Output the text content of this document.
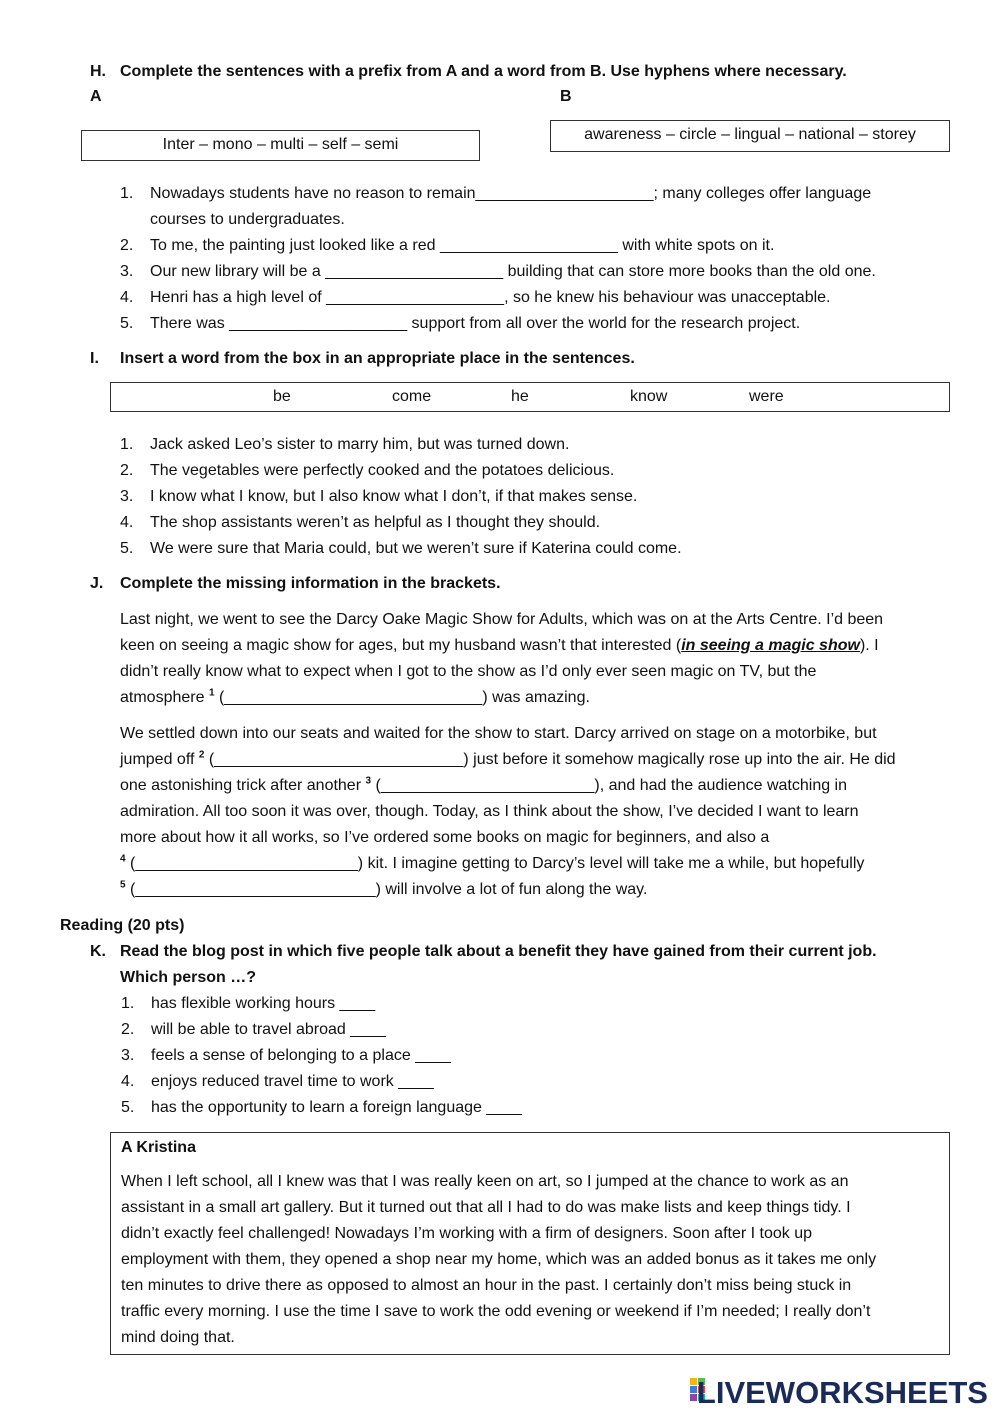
H. Complete the sentences with a prefix from A and a word from B. Use hyphens where necessary.
A	B
Inter – mono – multi – self – semi
awareness – circle – lingual – national – storey
1. Nowadays students have no reason to remain____________________; many colleges offer language
courses to undergraduates.
2. To me, the painting just looked like a red ____________________ with white spots on it.
3. Our new library will be a ____________________ building that can store more books than the old one.
4. Henri has a high level of ____________________, so he knew his behaviour was unacceptable.
5. There was ____________________ support from all over the world for the research project.
I. Insert a word from the box in an appropriate place in the sentences.
be	come	he	know	were
1. Jack asked Leo’s sister to marry him, but was turned down.
2. The vegetables were perfectly cooked and the potatoes delicious.
3. I know what I know, but I also know what I don’t, if that makes sense.
4. The shop assistants weren’t as helpful as I thought they should.
5. We were sure that Maria could, but we weren’t sure if Katerina could come.
J. Complete the missing information in the brackets.
Last night, we went to see the Darcy Oake Magic Show for Adults, which was on at the Arts Centre. I’d been
keen on seeing a magic show for ages, but my husband wasn’t that interested (in seeing a magic show). I
didn’t really know what to expect when I got to the show as I’d only ever seen magic on TV, but the
atmosphere $^1$ (_____________________________) was amazing.
We settled down into our seats and waited for the show to start. Darcy arrived on stage on a motorbike, but
jumped off $^2$ (____________________________) just before it somehow magically rose up into the air. He did
one astonishing trick after another $^3$ (________________________), and had the audience watching in
admiration. All too soon it was over, though. Today, as I think about the show, I’ve decided I want to learn
more about how it all works, so I’ve ordered some books on magic for beginners, and also a
$^4$ (_________________________) kit. I imagine getting to Darcy’s level will take me a while, but hopefully
$^5$ (___________________________) will involve a lot of fun along the way.
Reading (20 pts)
K. Read the blog post in which five people talk about a benefit they have gained from their current job.
Which person …?
1. has flexible working hours ____
2. will be able to travel abroad ____
3. feels a sense of belonging to a place ____
4. enjoys reduced travel time to work ____
5. has the opportunity to learn a foreign language ____
A Kristina
When I left school, all I knew was that I was really keen on art, so I jumped at the chance to work as an
assistant in a small art gallery. But it turned out that all I had to do was make lists and keep things tidy. I
didn’t exactly feel challenged! Nowadays I’m working with a firm of designers. Soon after I took up
employment with them, they opened a shop near my home, which was an added bonus as it takes me only
ten minutes to drive there as opposed to almost an hour in the past. I certainly don’t miss being stuck in
traffic every morning. I use the time I save to work the odd evening or weekend if I’m needed; I really don’t
mind doing that.
LIVEWORKSHEETS
